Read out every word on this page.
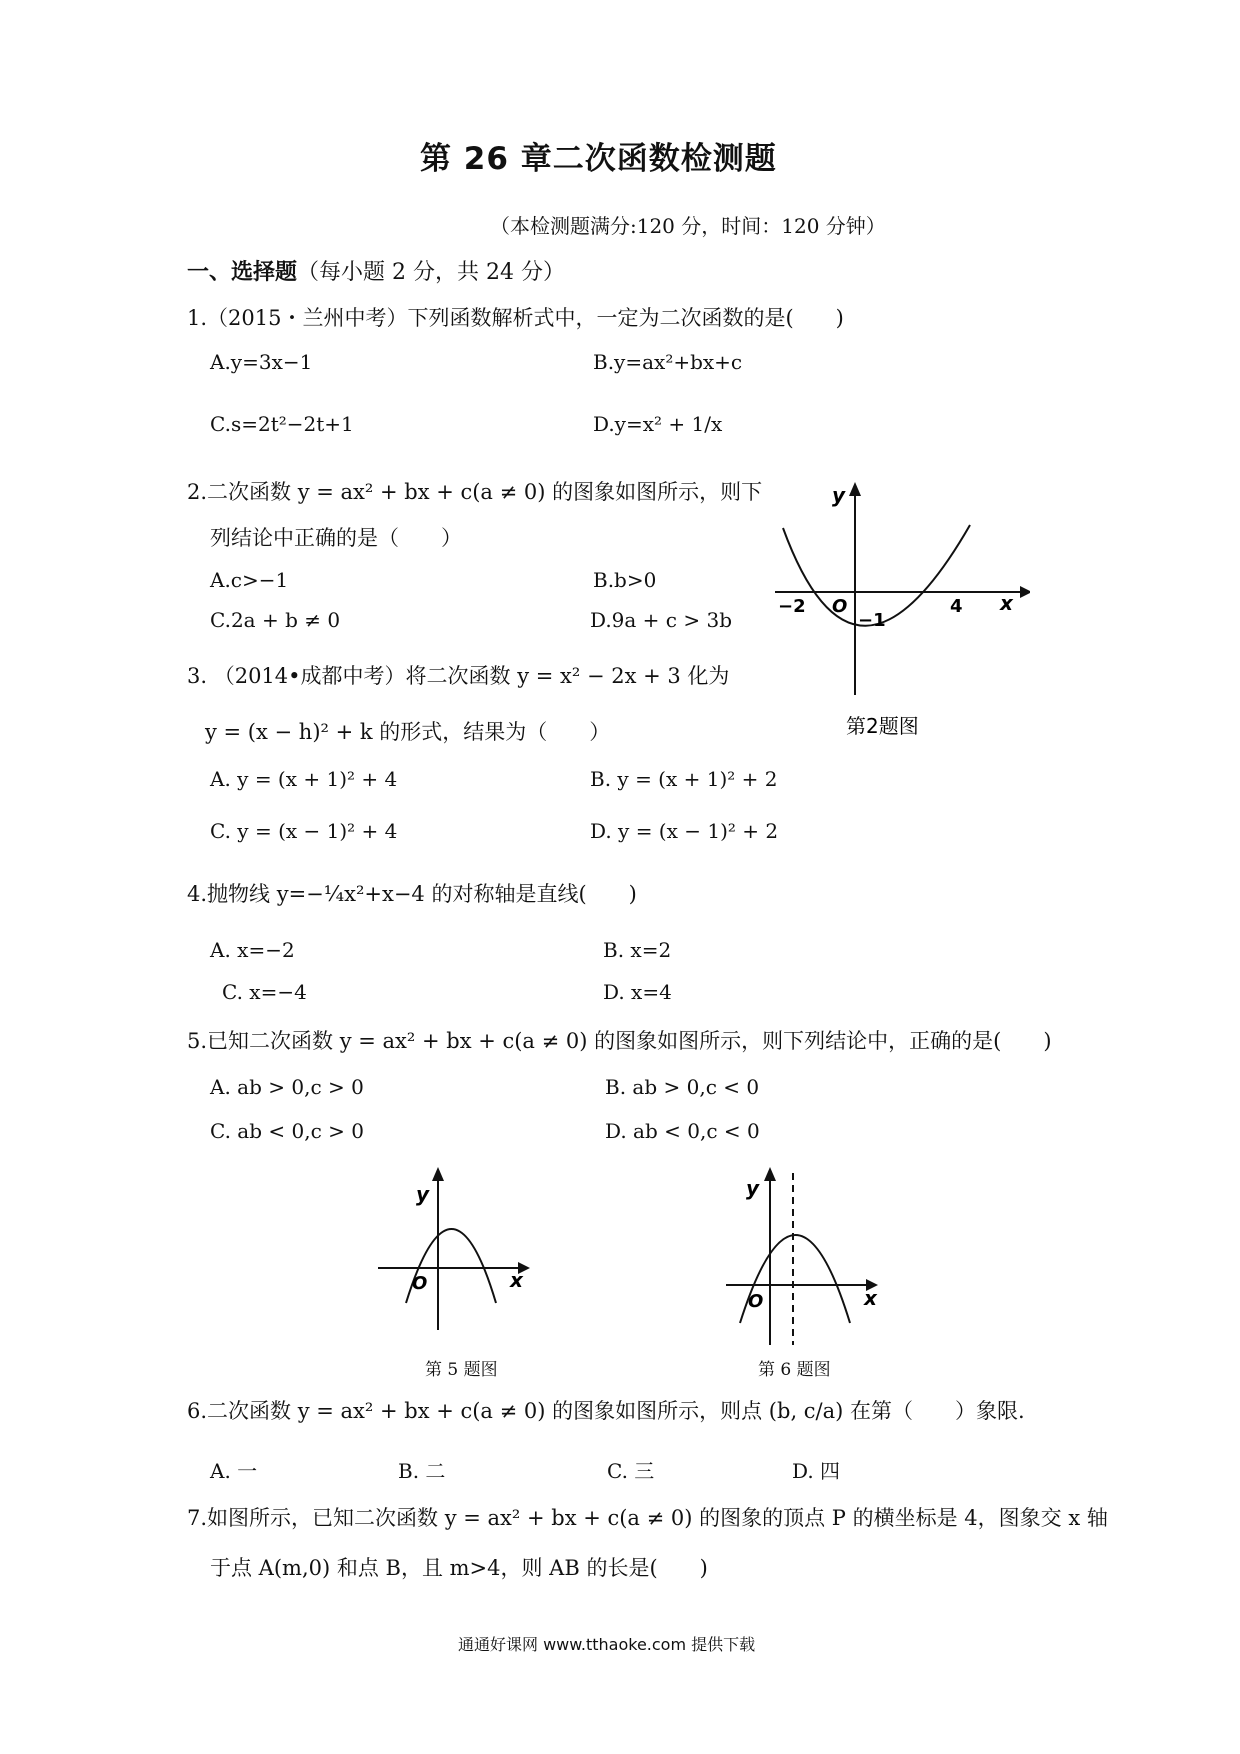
第 26 章二次函数检测题
（本检测题满分:120 分，时间：120 分钟）
一、选择题（每小题 2 分，共 24 分）
1.（2015・兰州中考）下列函数解析式中，一定为二次函数的是(　　)
A.y=3x−1	B.y=ax²+bx+c
C.s=2t²−2t+1	D.y=x² + 1/x
2.二次函数 y = ax² + bx + c(a ≠ 0) 的图象如图所示，则下
列结论中正确的是（　　）
A.c>−1	B.b>0
C.2a + b ≠ 0	D.9a + c > 3b
y
x
O
−2	4
−1
第2题图
3. （2014•成都中考）将二次函数 y = x² − 2x + 3 化为
y = (x − h)² + k 的形式，结果为（　　）
A. y = (x + 1)² + 4	B. y = (x + 1)² + 2
C. y = (x − 1)² + 4	D. y = (x − 1)² + 2
4.抛物线 y=−¼x²+x−4 的对称轴是直线(　　)
A. x=−2	B. x=2
C. x=−4	D. x=4
5.已知二次函数 y = ax² + bx + c(a ≠ 0) 的图象如图所示，则下列结论中，正确的是(　　)
A. ab > 0,c > 0	B. ab > 0,c < 0
C. ab < 0,c > 0	D. ab < 0,c < 0
y
x
O
第 5 题图
y
x
O
第 6 题图
6.二次函数 y = ax² + bx + c(a ≠ 0) 的图象如图所示，则点 (b, c/a) 在第（　　）象限.
A. 一	B. 二	C. 三	D. 四
7.如图所示，已知二次函数 y = ax² + bx + c(a ≠ 0) 的图象的顶点 P 的横坐标是 4，图象交 x 轴
于点 A(m,0) 和点 B，且 m>4，则 AB 的长是(　　)
通通好课网 www.tthaoke.com 提供下载
